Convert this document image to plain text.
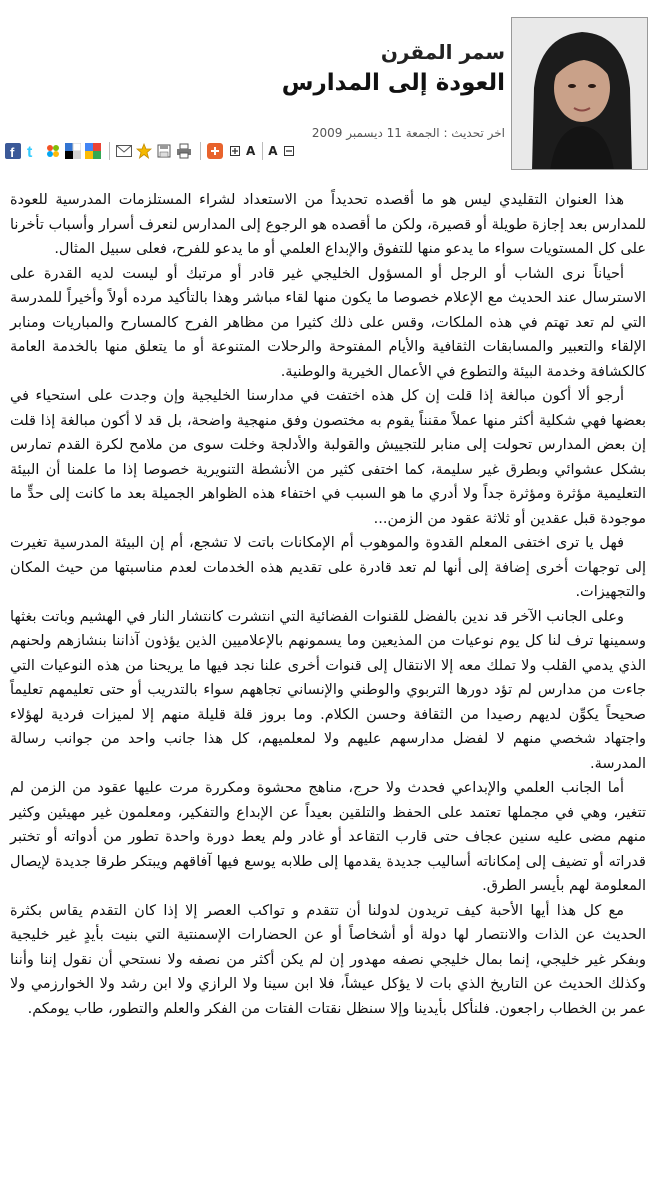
سمر المقرن
العودة إلى المدارس
اخر تحديث : الجمعة 11 ديسمبر 2009
f t	A A

هذا العنوان التقليدي ليس هو ما أقصده تحديداً من الاستعداد لشراء المستلزمات المدرسية للعودة للمدارس بعد إجازة طويلة أو قصيرة، ولكن ما أقصده هو الرجوع إلى المدارس لنعرف أسرار وأسباب تأخرنا على كل المستويات سواء ما يدعو منها للتفوق والإبداع العلمي أو ما يدعو للفرح، فعلى سبيل المثال.

أحياناً نرى الشاب أو الرجل أو المسؤول الخليجي غير قادر أو مرتبك أو ليست لديه القدرة على الاسترسال عند الحديث مع الإعلام خصوصا ما يكون منها لقاء مباشر وهذا بالتأكيد مرده أولاً وأخيراً للمدرسة التي لم تعد تهتم في هذه الملكات، وقس على ذلك كثيرا من مظاهر الفرح كالمسارح والمباريات ومنابر الإلقاء والتعبير والمسابقات الثقافية والأيام المفتوحة والرحلات المتنوعة أو ما يتعلق منها بالخدمة العامة كالكشافة وخدمة البيئة والتطوع في الأعمال الخيرية والوطنية.

أرجو ألا أكون مبالغة إذا قلت إن كل هذه اختفت في مدارسنا الخليجية وإن وجدت على استحياء في بعضها فهي شكلية أكثر منها عملاً مقنناً يقوم به مختصون وفق منهجية واضحة، بل قد لا أكون مبالغة إذا قلت إن بعض المدارس تحولت إلى منابر للتجييش والقولبة والأدلجة وخلت سوى من ملامح لكرة القدم تمارس بشكل عشوائي وبطرق غير سليمة، كما اختفى كثير من الأنشطة التنويرية خصوصا إذا ما علمنا أن البيئة التعليمية مؤثرة ومؤثرة جداً ولا أدري ما هو السبب في اختفاء هذه الظواهر الجميلة بعد ما كانت إلى حدٍّ ما موجودة قبل عقدين أو ثلاثة عقود من الزمن...

فهل يا ترى اختفى المعلم القدوة والموهوب أم الإمكانات باتت لا تشجع، أم إن البيئة المدرسية تغيرت إلى توجهات أخرى إضافة إلى أنها لم تعد قادرة على تقديم هذه الخدمات لعدم مناسبتها من حيث المكان والتجهيزات.

وعلى الجانب الآخر قد ندين بالفضل للقنوات الفضائية التي انتشرت كانتشار النار في الهشيم وباتت بغثها وسمينها ترف لنا كل يوم نوعيات من المذيعين وما يسمونهم بالإعلاميين الذين يؤذون آذاننا بنشازهم ولحنهم الذي يدمي القلب ولا تملك معه إلا الانتقال إلى قنوات أخرى علنا نجد فيها ما يريحنا من هذه النوعيات التي جاءت من مدارس لم تؤد دورها التربوي والوطني والإنساني تجاههم سواء بالتدريب أو حتى تعليمهم تعليماً صحيحاً يكوِّن لديهم رصيدا من الثقافة وحسن الكلام. وما بروز قلة قليلة منهم إلا لميزات فردية لهؤلاء واجتهاد شخصي منهم لا لفضل مدارسهم عليهم ولا لمعلميهم، كل هذا جانب واحد من جوانب رسالة المدرسة.

أما الجانب العلمي والإبداعي فحدث ولا حرج، مناهج محشوة ومكررة مرت عليها عقود من الزمن لم تتغير، وهي في مجملها تعتمد على الحفظ والتلقين بعيداً عن الإبداع والتفكير، ومعلمون غير مهيئين وكثير منهم مضى عليه سنين عجاف حتى قارب التقاعد أو غادر ولم يعط دورة واحدة تطور من أدواته أو تختبر قدراته أو تضيف إلى إمكاناته أساليب جديدة يقدمها إلى طلابه يوسع فيها آفاقهم ويبتكر طرقا جديدة لإيصال المعلومة لهم بأيسر الطرق.

مع كل هذا أيها الأحبة كيف تريدون لدولنا أن تتقدم و تواكب العصر إلا إذا كان التقدم يقاس بكثرة الحديث عن الذات والانتصار لها دولة أو أشخاصاً أو عن الحضارات الإسمنتية التي بنيت بأيدٍ غير خليجية وبفكر غير خليجي، إنما بمال خليجي نصفه مهدور إن لم يكن أكثر من نصفه ولا نستحي أن نقول إننا وأننا وكذلك الحديث عن التاريخ الذي بات لا يؤكل عيشاً، فلا ابن سينا ولا الرازي ولا ابن رشد ولا الخوارزمي ولا عمر بن الخطاب راجعون. فلنأكل بأيدينا وإلا سنظل نقتات الفتات من الفكر والعلم والتطور، طاب يومكم.
